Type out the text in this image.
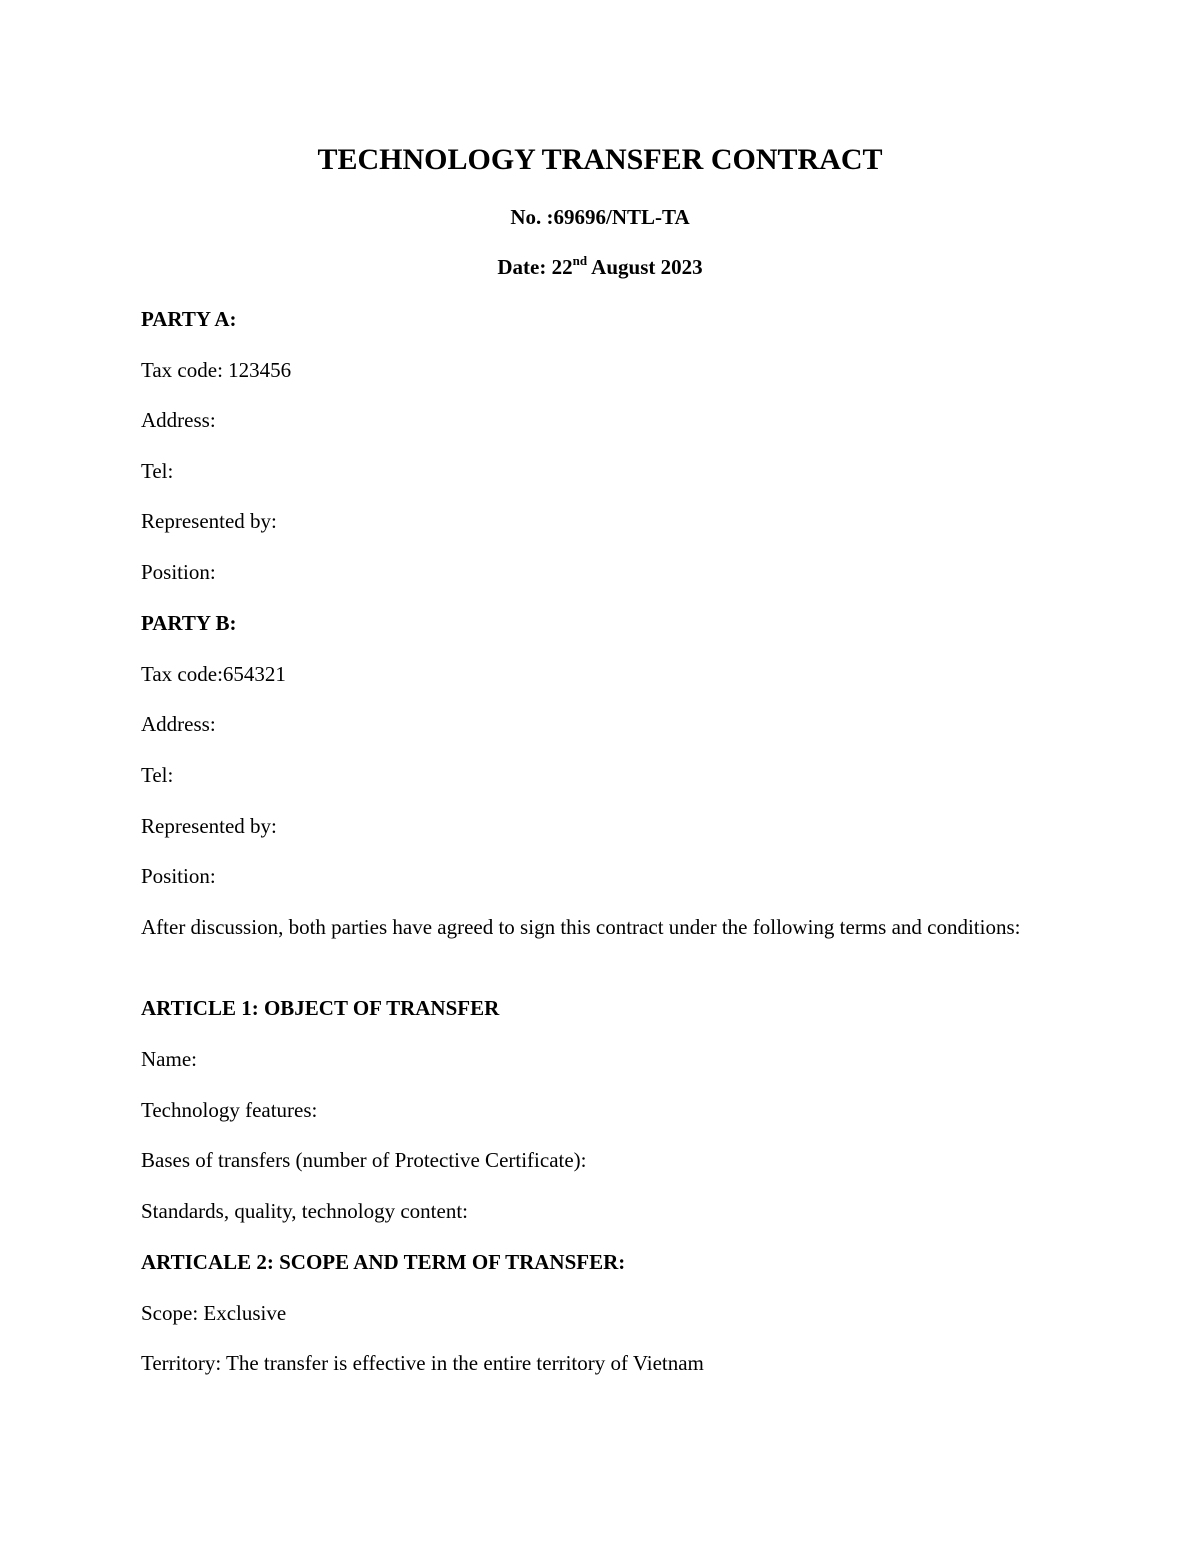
TECHNOLOGY TRANSFER CONTRACT

No. :69696/NTL-TA

Date: 22nd August 2023

PARTY A:

Tax code: 123456

Address:

Tel:

Represented by:

Position:

PARTY B:

Tax code:654321

Address:

Tel:

Represented by:

Position:

After discussion, both parties have agreed to sign this contract under the following terms and conditions:

ARTICLE 1: OBJECT OF TRANSFER

Name:

Technology features:

Bases of transfers (number of Protective Certificate):

Standards, quality, technology content:

ARTICALE 2: SCOPE AND TERM OF TRANSFER:

Scope: Exclusive

Territory: The transfer is effective in the entire territory of Vietnam
